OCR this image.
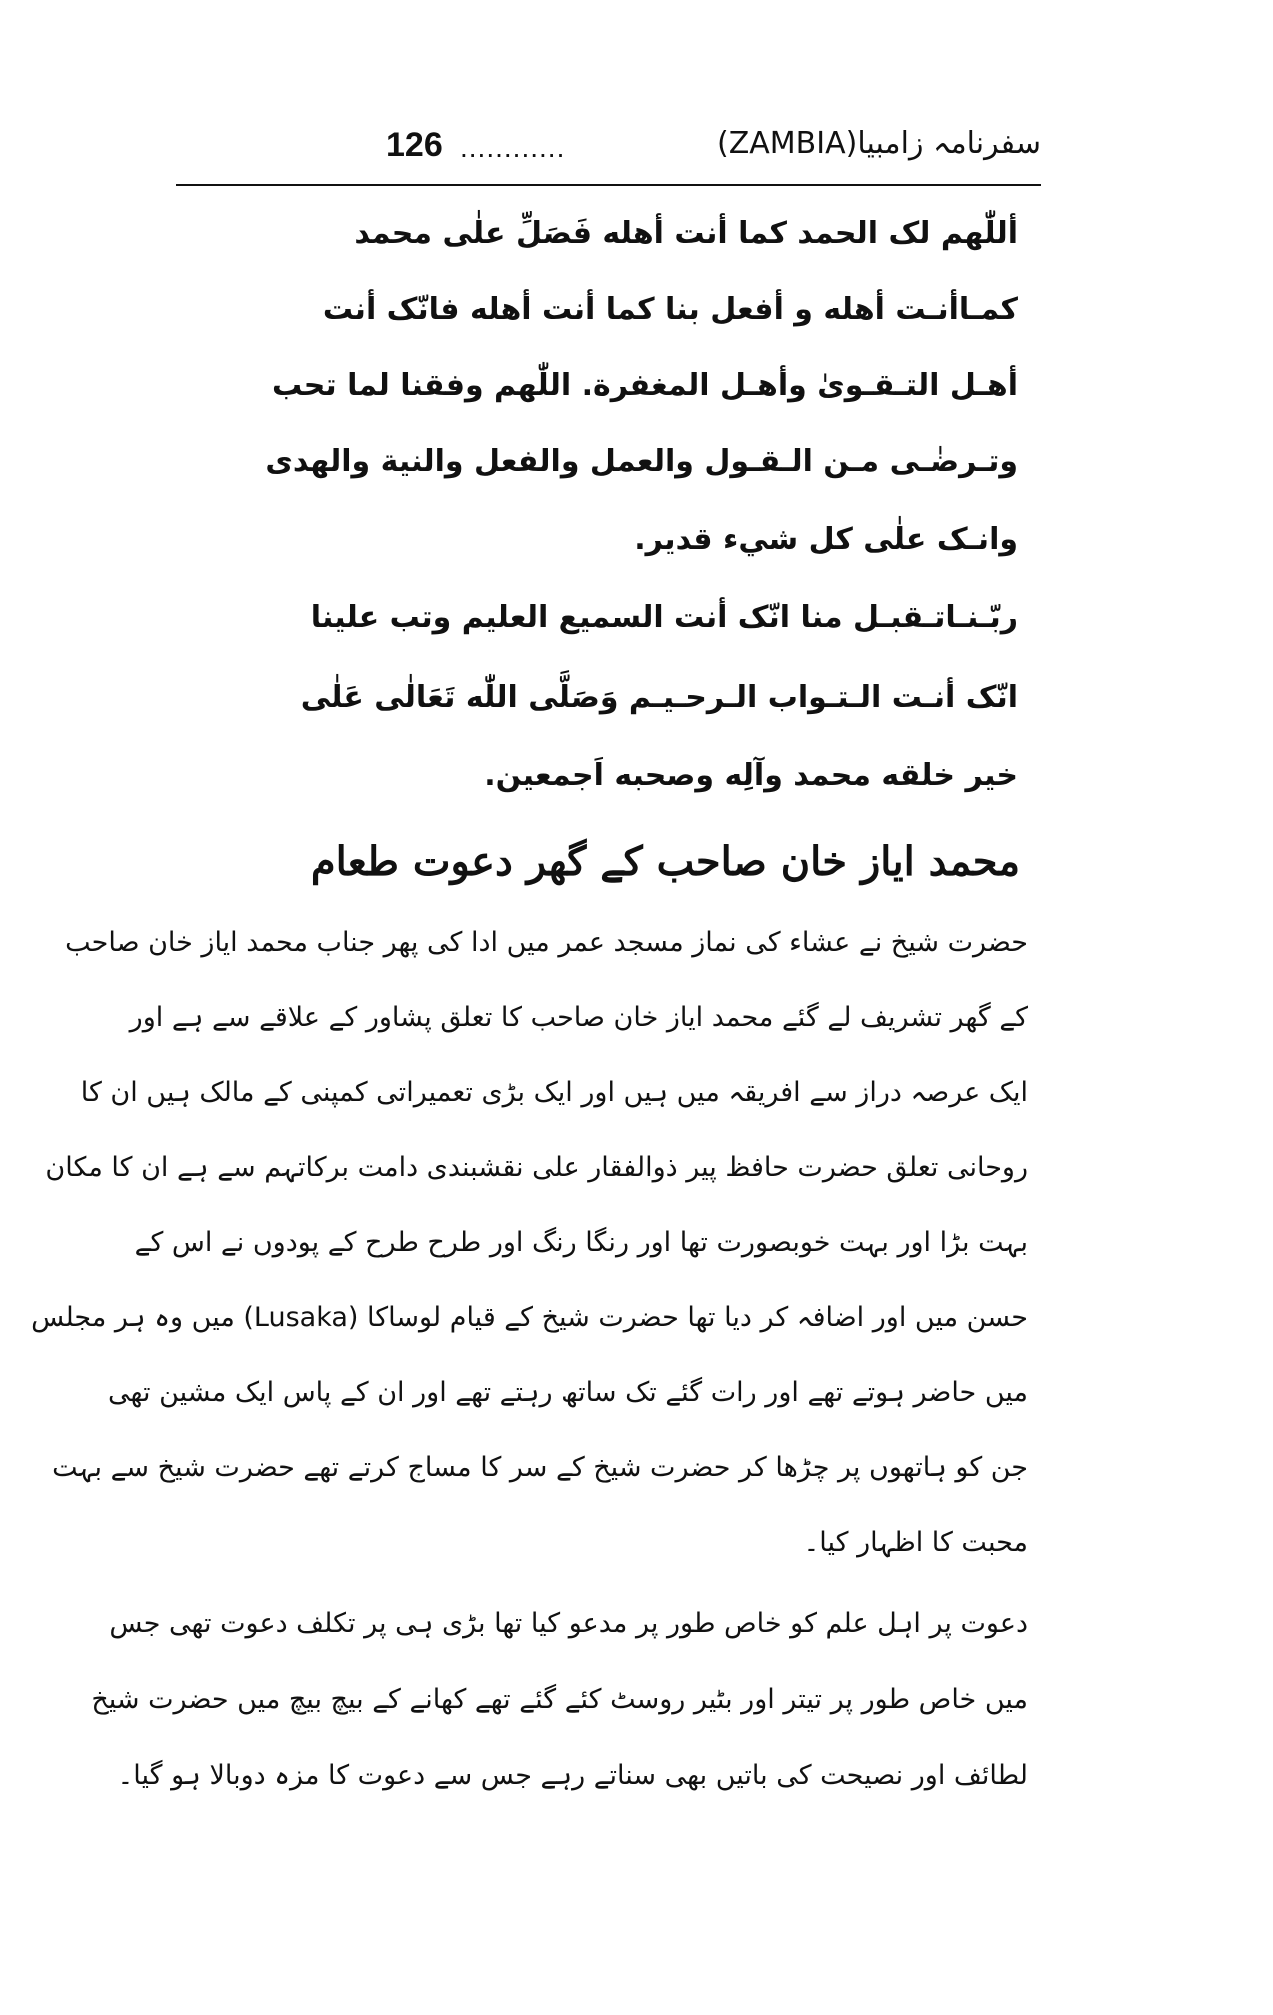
سفرنامہ زامبیا(ZAMBIA)
............
126
أللّٰهم لک الحمد كما أنت أهله فَصَلِّ علٰى محمد
كمـاأنـت أهله و أفعل بنا كما أنت أهله فانّک أنت
أهـل التـقـوىٰ وأهـل المغفرة. اللّٰهم وفقنا لما تحب
وتـرضٰـى مـن الـقـول والعمل والفعل والنية والهدى
وانـک علٰى كل شيء قدير.
ربّـنـاتـقبـل منا انّک أنت السميع العليم وتب علينا
انّک أنـت الـتـواب الـرحـيـم وَصَلَّى اللّٰه تَعَالٰى عَلٰى
خير خلقه محمد وآلِه وصحبه اَجمعين.
محمد ایاز خان صاحب کے گھر دعوت طعام
حضرت شیخ نے عشاء کی نماز مسجد عمر میں ادا کی پھر جناب محمد ایاز خان صاحب
کے گھر تشریف لے گئے محمد ایاز خان صاحب کا تعلق پشاور کے علاقے سے ہے اور
ایک عرصہ دراز سے افریقہ میں ہیں اور ایک بڑی تعمیراتی کمپنی کے مالک ہیں ان کا
روحانی تعلق حضرت حافظ پیر ذوالفقار علی نقشبندی دامت برکاتہم سے ہے ان کا مکان
بہت بڑا اور بہت خوبصورت تھا اور رنگا رنگ اور طرح طرح کے پودوں نے اس کے
حسن میں اور اضافہ کر دیا تھا حضرت شیخ کے قیام لوساکا (Lusaka) میں وہ ہر مجلس
میں حاضر ہوتے تھے اور رات گئے تک ساتھ رہتے تھے اور ان کے پاس ایک مشین تھی
جن کو ہاتھوں پر چڑھا کر حضرت شیخ کے سر کا مساج کرتے تھے حضرت شیخ سے بہت
محبت کا اظہار کیا۔
دعوت پر اہل علم کو خاص طور پر مدعو کیا تھا بڑی ہی پر تکلف دعوت تھی جس
میں خاص طور پر تیتر اور بٹیر روسٹ کئے گئے تھے کھانے کے بیچ بیچ میں حضرت شیخ
لطائف اور نصیحت کی باتیں بھی سناتے رہے جس سے دعوت کا مزہ دوبالا ہو گیا۔
